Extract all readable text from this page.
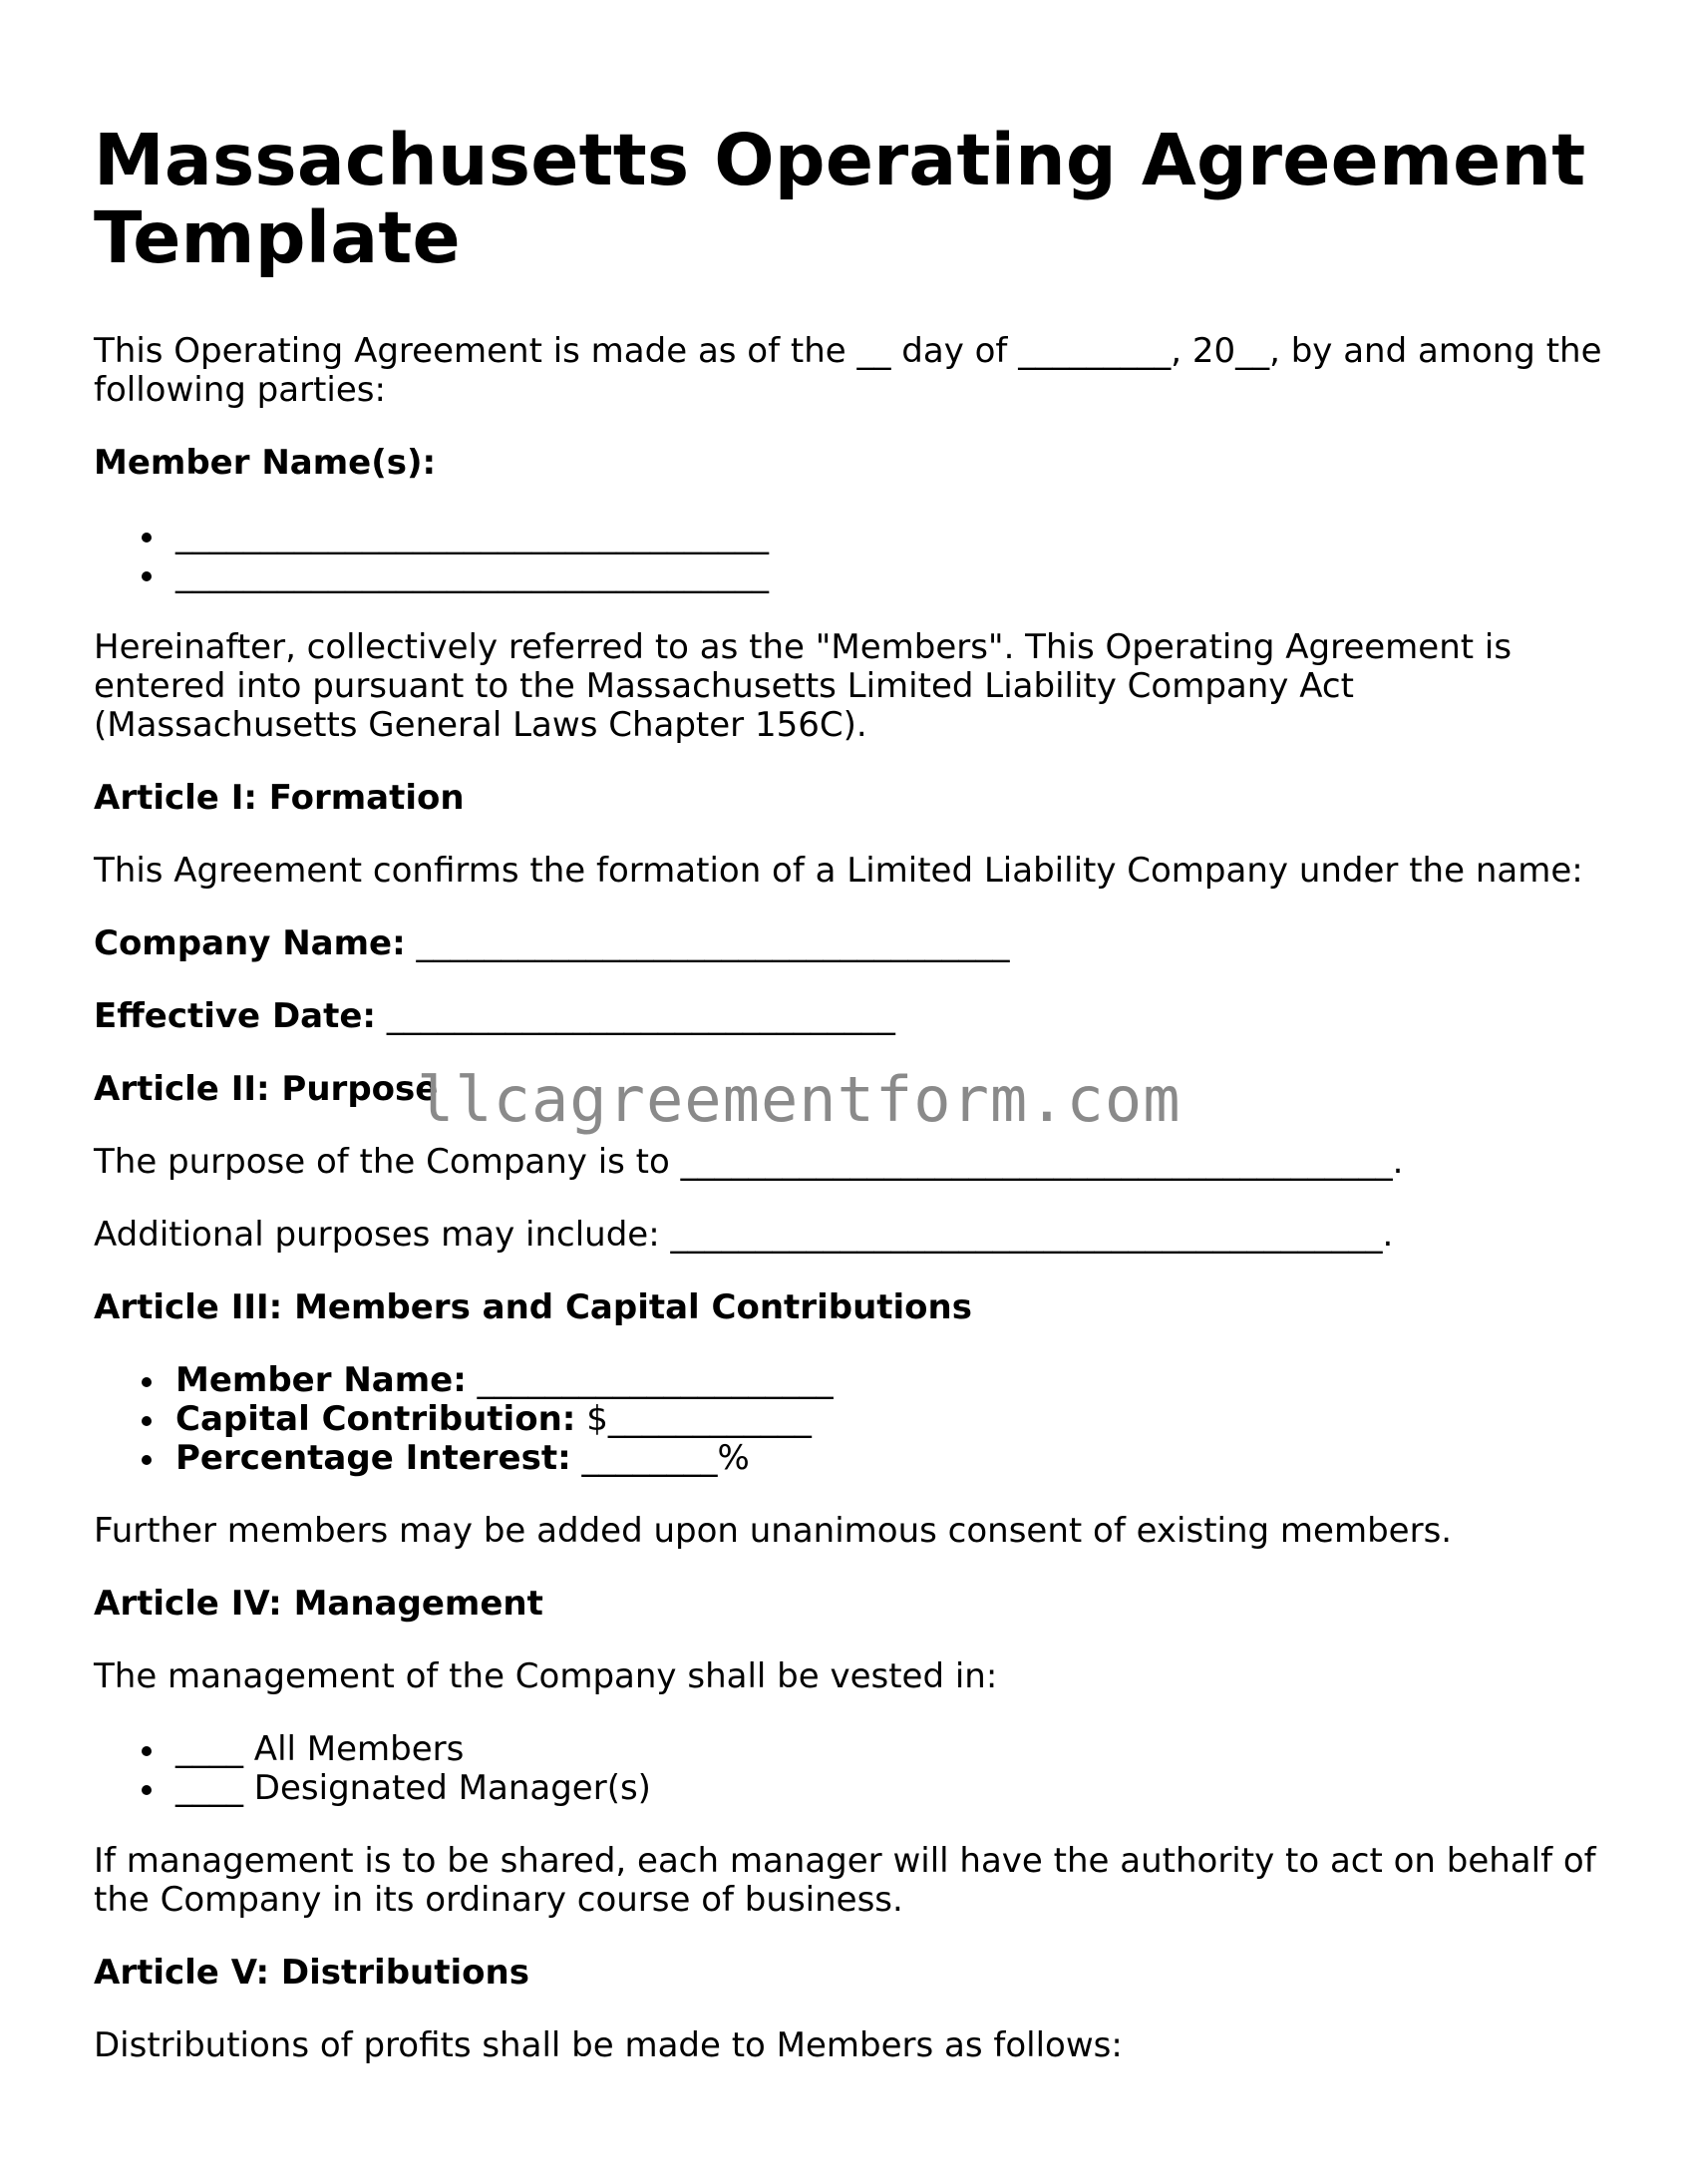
Massachusetts Operating Agreement Template

This Operating Agreement is made as of the __ day of _________, 20__, by and among the following parties:

Member Name(s):

___________________________________
___________________________________

Hereinafter, collectively referred to as the "Members". This Operating Agreement is entered into pursuant to the Massachusetts Limited Liability Company Act (Massachusetts General Laws Chapter 156C).

Article I: Formation

This Agreement confirms the formation of a Limited Liability Company under the name:

Company Name: ___________________________________

Effective Date: ______________________________

Article II: Purpose

The purpose of the Company is to __________________________________________.

Additional purposes may include: __________________________________________.

Article III: Members and Capital Contributions

Member Name: _____________________
Capital Contribution: $____________
Percentage Interest: ________%

Further members may be added upon unanimous consent of existing members.

Article IV: Management

The management of the Company shall be vested in:

____ All Members
____ Designated Manager(s)

If management is to be shared, each manager will have the authority to act on behalf of the Company in its ordinary course of business.

Article V: Distributions

Distributions of profits shall be made to Members as follows:

llcagreementform.com
